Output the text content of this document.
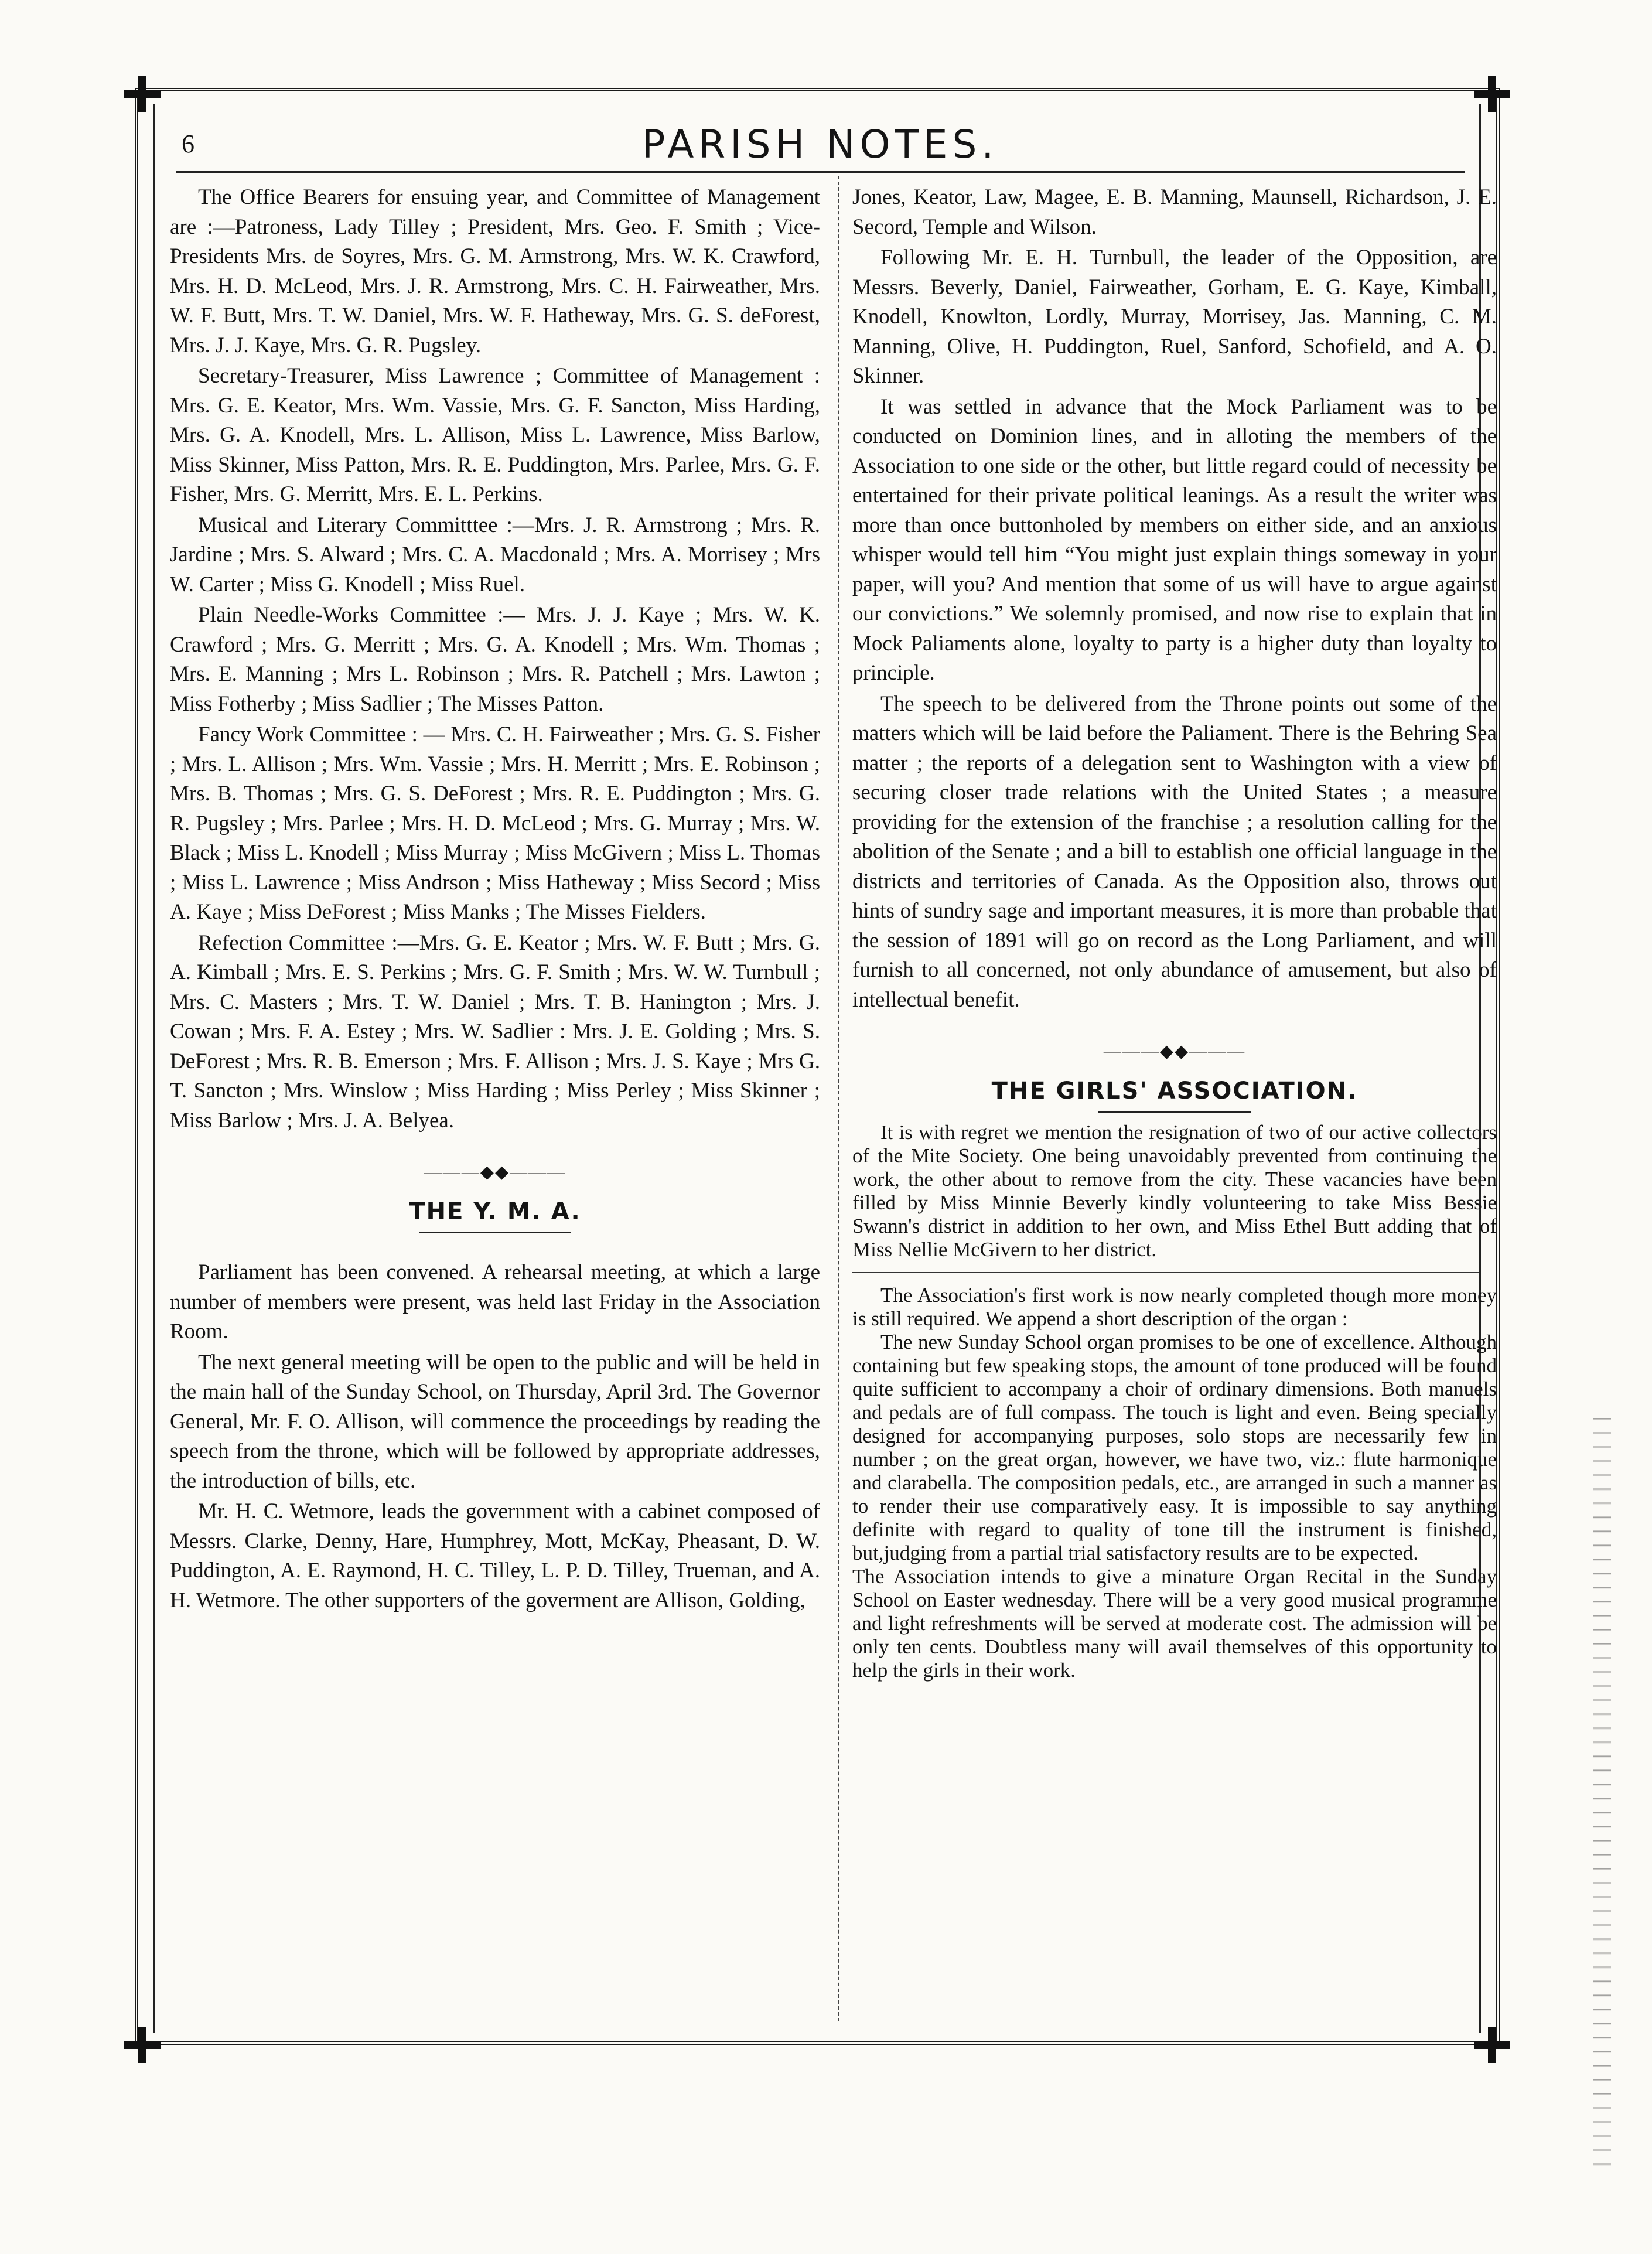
6	PARISH NOTES.

The Office Bearers for ensuing year, and Committee of Management are :—Patroness, Lady Tilley ; President, Mrs. Geo. F. Smith ; Vice-Presidents Mrs. de Soyres, Mrs. G. M. Armstrong, Mrs. W. K. Crawford, Mrs. H. D. McLeod, Mrs. J. R. Armstrong, Mrs. C. H. Fairweather, Mrs. W. F. Butt, Mrs. T. W. Daniel, Mrs. W. F. Hatheway, Mrs. G. S. deForest, Mrs. J. J. Kaye, Mrs. G. R. Pugsley.

Secretary-Treasurer, Miss Lawrence ; Committee of Management : Mrs. G. E. Keator, Mrs. Wm. Vassie, Mrs. G. F. Sancton, Miss Harding, Mrs. G. A. Knodell, Mrs. L. Allison, Miss L. Lawrence, Miss Barlow, Miss Skinner, Miss Patton, Mrs. R. E. Puddington, Mrs. Parlee, Mrs. G. F. Fisher, Mrs. G. Merritt, Mrs. E. L. Perkins.

Musical and Literary Committtee :—Mrs. J. R. Armstrong ; Mrs. R. Jardine ; Mrs. S. Alward ; Mrs. C. A. Macdonald ; Mrs. A. Morrisey ; Mrs W. Carter ; Miss G. Knodell ; Miss Ruel.

Plain Needle-Works Committee :— Mrs. J. J. Kaye ; Mrs. W. K. Crawford ; Mrs. G. Merritt ; Mrs. G. A. Knodell ; Mrs. Wm. Thomas ; Mrs. E. Manning ; Mrs L. Robinson ; Mrs. R. Patchell ; Mrs. Lawton ; Miss Fotherby ; Miss Sadlier ; The Misses Patton.

Fancy Work Committee : — Mrs. C. H. Fairweather ; Mrs. G. S. Fisher ; Mrs. L. Allison ; Mrs. Wm. Vassie ; Mrs. H. Merritt ; Mrs. E. Robinson ; Mrs. B. Thomas ; Mrs. G. S. DeForest ; Mrs. R. E. Puddington ; Mrs. G. R. Pugsley ; Mrs. Parlee ; Mrs. H. D. McLeod ; Mrs. G. Murray ; Mrs. W. Black ; Miss L. Knodell ; Miss Murray ; Miss McGivern ; Miss L. Thomas ; Miss L. Lawrence ; Miss Andrson ; Miss Hatheway ; Miss Secord ; Miss A. Kaye ; Miss DeForest ; Miss Manks ; The Misses Fielders.

Refection Committee :—Mrs. G. E. Keator ; Mrs. W. F. Butt ; Mrs. G. A. Kimball ; Mrs. E. S. Perkins ; Mrs. G. F. Smith ; Mrs. W. W. Turnbull ; Mrs. C. Masters ; Mrs. T. W. Daniel ; Mrs. T. B. Hanington ; Mrs. J. Cowan ; Mrs. F. A. Estey ; Mrs. W. Sadlier : Mrs. J. E. Golding ; Mrs. S. DeForest ; Mrs. R. B. Emerson ; Mrs. F. Allison ; Mrs. J. S. Kaye ; Mrs G. T. Sancton ; Mrs. Winslow ; Miss Harding ; Miss Perley ; Miss Skinner ; Miss Barlow ; Mrs. J. A. Belyea.

———◆◆———
THE Y. M. A.

Parliament has been convened. A rehearsal meeting, at which a large number of members were present, was held last Friday in the Association Room.

The next general meeting will be open to the public and will be held in the main hall of the Sunday School, on Thursday, April 3rd. The Governor General, Mr. F. O. Allison, will commence the proceedings by reading the speech from the throne, which will be followed by appropriate addresses, the introduction of bills, etc.

Mr. H. C. Wetmore, leads the government with a cabinet composed of Messrs. Clarke, Denny, Hare, Humphrey, Mott, McKay, Pheasant, D. W. Puddington, A. E. Raymond, H. C. Tilley, L. P. D. Tilley, Trueman, and A. H. Wetmore. The other supporters of the goverment are Allison, Golding,

Jones, Keator, Law, Magee, E. B. Manning, Maunsell, Richardson, J. E. Secord, Temple and Wilson.

Following Mr. E. H. Turnbull, the leader of the Opposition, are Messrs. Beverly, Daniel, Fairweather, Gorham, E. G. Kaye, Kimball, Knodell, Knowlton, Lordly, Murray, Morrisey, Jas. Manning, C. M. Manning, Olive, H. Puddington, Ruel, Sanford, Schofield, and A. O. Skinner.

It was settled in advance that the Mock Parliament was to be conducted on Dominion lines, and in alloting the members of the Association to one side or the other, but little regard could of necessity be entertained for their private political leanings. As a result the writer was more than once buttonholed by members on either side, and an anxious whisper would tell him “You might just explain things someway in your paper, will you? And mention that some of us will have to argue against our convictions.” We solemnly promised, and now rise to explain that in Mock Paliaments alone, loyalty to party is a higher duty than loyalty to principle.

The speech to be delivered from the Throne points out some of the matters which will be laid before the Paliament. There is the Behring Sea matter ; the reports of a delegation sent to Washington with a view of securing closer trade relations with the United States ; a measure providing for the extension of the franchise ; a resolution calling for the abolition of the Senate ; and a bill to establish one official language in the districts and territories of Canada. As the Opposition also, throws out hints of sundry sage and important measures, it is more than probable that the session of 1891 will go on record as the Long Parliament, and will furnish to all concerned, not only abundance of amusement, but also of intellectual benefit.

———◆◆———
THE GIRLS' ASSOCIATION.

It is with regret we mention the resignation of two of our active collectors of the Mite Society. One being unavoidably prevented from continuing the work, the other about to remove from the city. These vacancies have been filled by Miss Minnie Beverly kindly volunteering to take Miss Bessie Swann's district in addition to her own, and Miss Ethel Butt adding that of Miss Nellie McGivern to her district.

The Association's first work is now nearly completed though more money is still required. We append a short description of the organ :

The new Sunday School organ promises to be one of excellence. Although containing but few speaking stops, the amount of tone produced will be found quite sufficient to accompany a choir of ordinary dimensions. Both manuels and pedals are of full compass. The touch is light and even. Being specially designed for accompanying purposes, solo stops are necessarily few in number ; on the great organ, however, we have two, viz.: flute harmonique and clarabella. The composition pedals, etc., are arranged in such a manner as to render their use comparatively easy. It is impossible to say anything definite with regard to quality of tone till the instrument is finished, but,judging from a partial trial satisfactory results are to be expected.

The Association intends to give a minature Organ Recital in the Sunday School on Easter wednesday. There will be a very good musical programme and light refreshments will be served at moderate cost. The admission will be only ten cents. Doubtless many will avail themselves of this opportunity to help the girls in their work.
